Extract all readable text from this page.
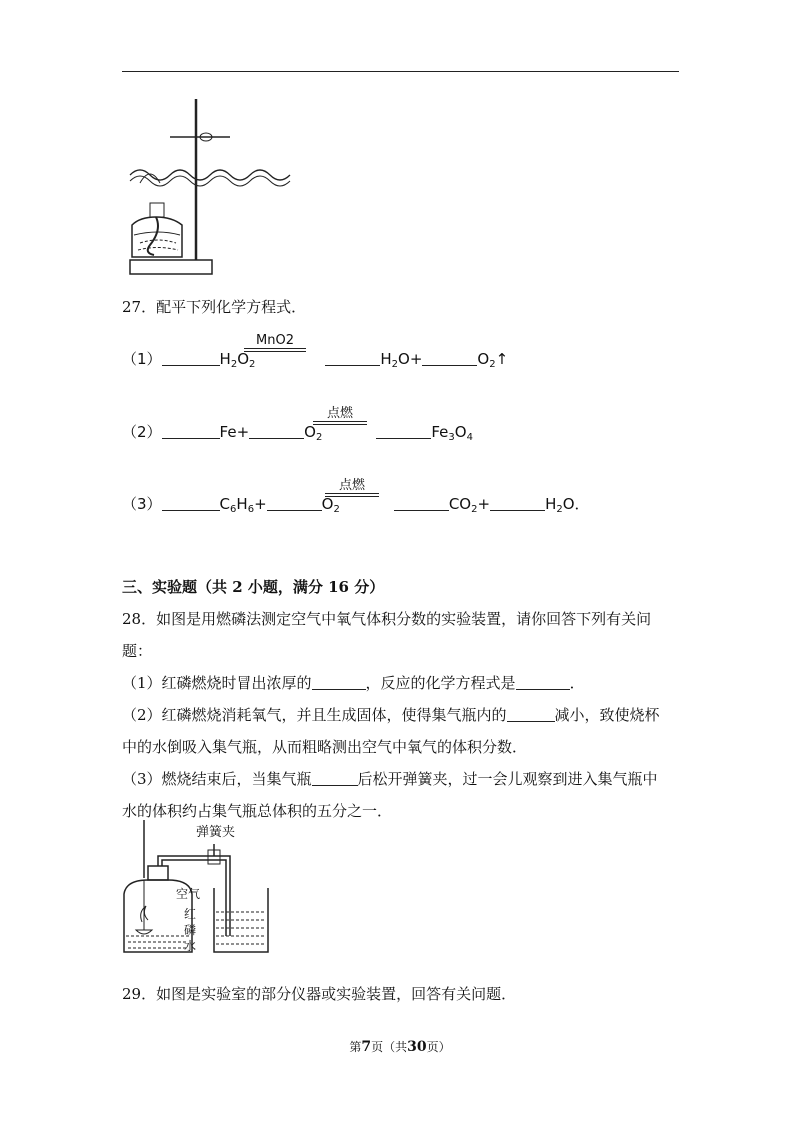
27．配平下列化学方程式．
（1）	$H_2O_2$	$H_2O+$	$O_2↑$
MnO2
（2）	Fe+	$O_2$	$Fe_3O_4$
点燃
（3）	$C_6H_6+$	$O_2$	$CO_2+$	$H_2O$．
点燃
三、实验题（共 2 小题，满分 16 分）
28．如图是用燃磷法测定空气中氧气体积分数的实验装置，请你回答下列有关问
题：
（1）红磷燃烧时冒出浓厚的	，反应的化学方程式是	．
（2）红磷燃烧消耗氧气，并且生成固体，使得集气瓶内的	减小，致使烧杯
中的水倒吸入集气瓶，从而粗略测出空气中氧气的体积分数．
（3）燃烧结束后，当集气瓶	后松开弹簧夹，过一会儿观察到进入集气瓶中
水的体积约占集气瓶总体积的五分之一．
弹簧夹
空气
红
磷
水
29．如图是实验室的部分仪器或实验装置，回答有关问题．
第7页（共30页）
